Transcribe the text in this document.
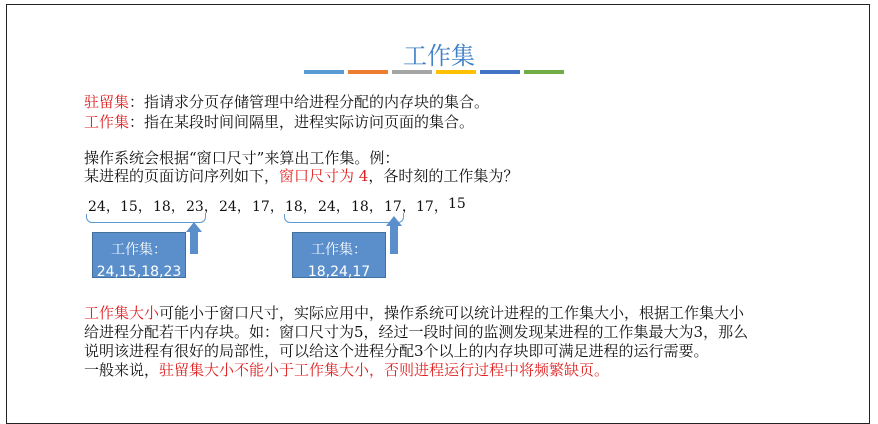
工作集
驻留集：指请求分页存储管理中给进程分配的内存块的集合。
工作集：指在某段时间间隔里，进程实际访问页面的集合。
操作系统会根据“窗口尺寸”来算出工作集。例：
某进程的页面访问序列如下，窗口尺寸为 4，各时刻的工作集为？
24， 15， 18， 23， 24， 17， 18， 24， 18， 17， 17， 15
工作集：
24,15,18,23
工作集：
18,24,17
工作集大小可能小于窗口尺寸，实际应用中，操作系统可以统计进程的工作集大小，根据工作集大小
给进程分配若干内存块。如：窗口尺寸为5，经过一段时间的监测发现某进程的工作集最大为3，那么
说明该进程有很好的局部性，可以给这个进程分配3个以上的内存块即可满足进程的运行需要。
一般来说，驻留集大小不能小于工作集大小，否则进程运行过程中将频繁缺页。
